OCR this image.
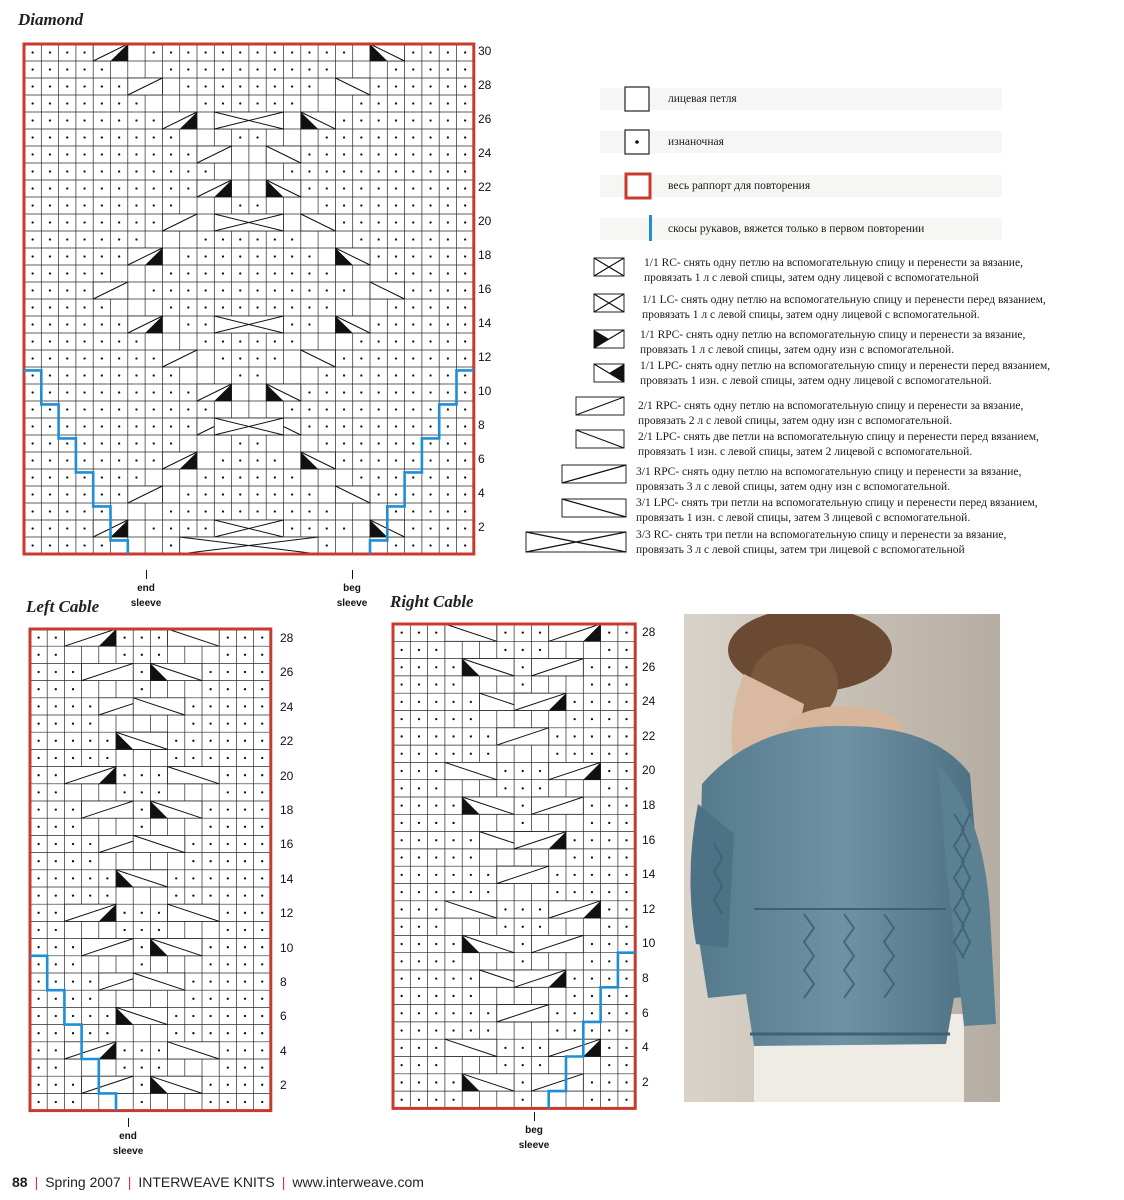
Diamond
30
28
26
24
22
20
18
16
14
12
10
8
6
4
2
end
sleeve
beg
sleeve
Left Cable
28
26
24
22
20
18
16
14
12
10
8
6
4
2
end
sleeve
Right Cable
28
26
24
22
20
18
16
14
12
10
8
6
4
2
beg
sleeve
лицевая петля
изнаночная
весь раппорт для повторения
скосы рукавов, вяжется только в первом повторении
1/1 RC- снять одну петлю на вспомогательную спицу и перенести за вязание,
провязать 1 л с левой спицы, затем одну лицевой с вспомогательной
1/1 LC- снять одну петлю на вспомогательную спицу и перенести перед вязанием,
провязать 1 л с левой спицы, затем одну лицевой с вспомогательной.
1/1 RPC- снять одну петлю на вспомогательную спицу и перенести за вязание,
провязать 1 л с левой спицы, затем одну изн с вспомогательной.
1/1 LPC- снять одну петлю на вспомогательную спицу и перенести перед вязанием,
провязать 1 изн. с левой спицы, затем одну лицевой с вспомогательной.
2/1 RPC- снять одну петлю на вспомогательную спицу и перенести за вязание,
провязать 2 л с левой спицы, затем одну изн с вспомогательной.
2/1 LPC- снять две петли на вспомогательную спицу и перенести перед вязанием,
провязать 1 изн. с левой спицы, затем 2 лицевой с вспомогательной.
3/1 RPC- снять одну петлю на вспомогательную спицу и перенести за вязание,
провязать 3 л с левой спицы, затем одну изн с вспомогательной.
3/1 LPC- снять три петли на вспомогательную спицу и перенести перед вязанием,
провязать 1 изн. с левой спицы, затем 3 лицевой с вспомогательной.
3/3 RC- снять три петли на вспомогательную спицу и перенести за вязание,
провязать 3 л с левой спицы, затем три лицевой с вспомогательной
88 | Spring 2007 | INTERWEAVE KNITS | www.interweave.com
